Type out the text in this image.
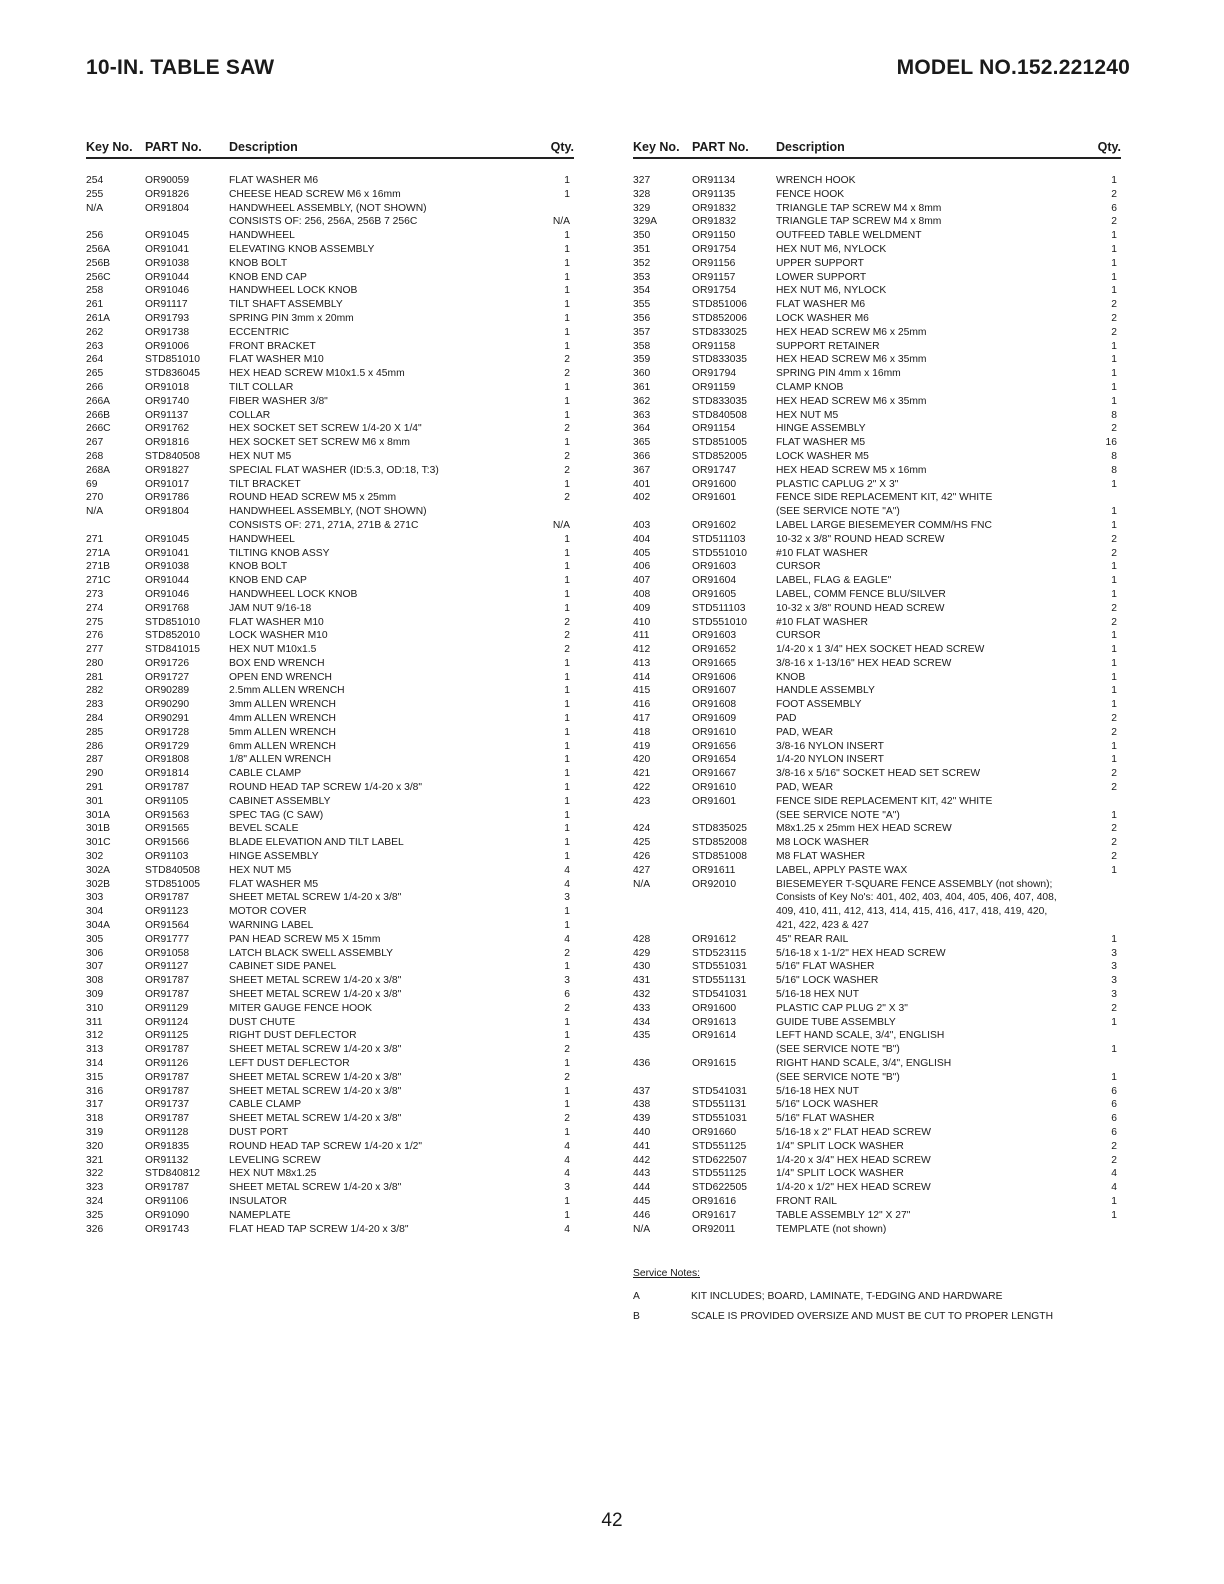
10-IN. TABLE SAW	MODEL NO.152.221240
Key No. PART No.	Description	Qty.
254	OR90059	FLAT WASHER M6	1
255	OR91826	CHEESE HEAD SCREW M6 x 16mm	1
N/A	OR91804	HANDWHEEL ASSEMBLY, (NOT SHOWN)
CONSISTS OF: 256, 256A, 256B 7 256C	N/A
256	OR91045	HANDWHEEL	1
256A	OR91041	ELEVATING KNOB ASSEMBLY	1
256B	OR91038	KNOB BOLT	1
256C	OR91044	KNOB END CAP	1
258	OR91046	HANDWHEEL LOCK KNOB	1
261	OR91117	TILT SHAFT ASSEMBLY	1
261A	OR91793	SPRING PIN 3mm x 20mm	1
262	OR91738	ECCENTRIC	1
263	OR91006	FRONT BRACKET	1
264	STD851010	FLAT WASHER M10	2
265	STD836045	HEX HEAD SCREW M10x1.5 x 45mm	2
266	OR91018	TILT COLLAR	1
266A	OR91740	FIBER WASHER 3/8"	1
266B	OR91137	COLLAR	1
266C	OR91762	HEX SOCKET SET SCREW 1/4-20 X 1/4"	2
267	OR91816	HEX SOCKET SET SCREW M6 x 8mm	1
268	STD840508	HEX NUT M5	2
268A	OR91827	SPECIAL FLAT WASHER (ID:5.3, OD:18, T:3)	2
69	OR91017	TILT BRACKET	1
270	OR91786	ROUND HEAD SCREW M5 x 25mm	2
N/A	OR91804	HANDWHEEL ASSEMBLY, (NOT SHOWN)
CONSISTS OF: 271, 271A, 271B & 271C	N/A
271	OR91045	HANDWHEEL	1
271A	OR91041	TILTING KNOB ASSY	1
271B	OR91038	KNOB BOLT	1
271C	OR91044	KNOB END CAP	1
273	OR91046	HANDWHEEL LOCK KNOB	1
274	OR91768	JAM NUT 9/16-18	1
275	STD851010	FLAT WASHER M10	2
276	STD852010	LOCK WASHER M10	2
277	STD841015	HEX NUT M10x1.5	2
280	OR91726	BOX END WRENCH	1
281	OR91727	OPEN END WRENCH	1
282	OR90289	2.5mm ALLEN WRENCH	1
283	OR90290	3mm ALLEN WRENCH	1
284	OR90291	4mm ALLEN WRENCH	1
285	OR91728	5mm ALLEN WRENCH	1
286	OR91729	6mm ALLEN WRENCH	1
287	OR91808	1/8" ALLEN WRENCH	1
290	OR91814	CABLE CLAMP	1
291	OR91787	ROUND HEAD TAP SCREW 1/4-20 x 3/8"	1
301	OR91105	CABINET ASSEMBLY	1
301A	OR91563	SPEC TAG (C SAW)	1
301B	OR91565	BEVEL SCALE	1
301C	OR91566	BLADE ELEVATION AND TILT LABEL	1
302	OR91103	HINGE ASSEMBLY	1
302A	STD840508	HEX NUT M5	4
302B	STD851005	FLAT WASHER M5	4
303	OR91787	SHEET METAL SCREW 1/4-20 x 3/8"	3
304	OR91123	MOTOR COVER	1
304A	OR91564	WARNING LABEL	1
305	OR91777	PAN HEAD SCREW M5 X 15mm	4
306	OR91058	LATCH BLACK SWELL ASSEMBLY	2
307	OR91127	CABINET SIDE PANEL	1
308	OR91787	SHEET METAL SCREW 1/4-20 x 3/8"	3
309	OR91787	SHEET METAL SCREW 1/4-20 x 3/8"	6
310	OR91129	MITER GAUGE FENCE HOOK	2
311	OR91124	DUST CHUTE	1
312	OR91125	RIGHT DUST DEFLECTOR	1
313	OR91787	SHEET METAL SCREW 1/4-20 x 3/8"	2
314	OR91126	LEFT DUST DEFLECTOR	1
315	OR91787	SHEET METAL SCREW 1/4-20 x 3/8"	2
316	OR91787	SHEET METAL SCREW 1/4-20 x 3/8"	1
317	OR91737	CABLE CLAMP	1
318	OR91787	SHEET METAL SCREW 1/4-20 x 3/8"	2
319	OR91128	DUST PORT	1
320	OR91835	ROUND HEAD TAP SCREW 1/4-20 x 1/2"	4
321	OR91132	LEVELING SCREW	4
322	STD840812	HEX NUT M8x1.25	4
323	OR91787	SHEET METAL SCREW 1/4-20 x 3/8"	3
324	OR91106	INSULATOR	1
325	OR91090	NAMEPLATE	1
326	OR91743	FLAT HEAD TAP SCREW 1/4-20 x 3/8"	4
Key No. PART No.	Description	Qty.
327	OR91134	WRENCH HOOK	1
328	OR91135	FENCE HOOK	2
329	OR91832	TRIANGLE TAP SCREW M4 x 8mm	6
329A	OR91832	TRIANGLE TAP SCREW M4 x 8mm	2
350	OR91150	OUTFEED TABLE WELDMENT	1
351	OR91754	HEX NUT M6, NYLOCK	1
352	OR91156	UPPER SUPPORT	1
353	OR91157	LOWER SUPPORT	1
354	OR91754	HEX NUT M6, NYLOCK	1
355	STD851006	FLAT WASHER M6	2
356	STD852006	LOCK WASHER M6	2
357	STD833025	HEX HEAD SCREW M6 x 25mm	2
358	OR91158	SUPPORT RETAINER	1
359	STD833035	HEX HEAD SCREW M6 x 35mm	1
360	OR91794	SPRING PIN 4mm x 16mm	1
361	OR91159	CLAMP KNOB	1
362	STD833035	HEX HEAD SCREW M6 x 35mm	1
363	STD840508	HEX NUT M5	8
364	OR91154	HINGE ASSEMBLY	2
365	STD851005	FLAT WASHER M5	16
366	STD852005	LOCK WASHER M5	8
367	OR91747	HEX HEAD SCREW M5 x 16mm	8
401	OR91600	PLASTIC CAPLUG 2" X 3"	1
402	OR91601	FENCE SIDE REPLACEMENT KIT, 42" WHITE
(SEE SERVICE NOTE "A")	1
403	OR91602	LABEL LARGE BIESEMEYER COMM/HS FNC	1
404	STD511103	10-32 x 3/8" ROUND HEAD SCREW	2
405	STD551010	#10 FLAT WASHER	2
406	OR91603	CURSOR	1
407	OR91604	LABEL, FLAG & EAGLE"	1
408	OR91605	LABEL, COMM FENCE BLU/SILVER	1
409	STD511103	10-32 x 3/8" ROUND HEAD SCREW	2
410	STD551010	#10 FLAT WASHER	2
411	OR91603	CURSOR	1
412	OR91652	1/4-20 x 1 3/4" HEX SOCKET HEAD SCREW	1
413	OR91665	3/8-16 x 1-13/16" HEX HEAD SCREW	1
414	OR91606	KNOB	1
415	OR91607	HANDLE ASSEMBLY	1
416	OR91608	FOOT ASSEMBLY	1
417	OR91609	PAD	2
418	OR91610	PAD, WEAR	2
419	OR91656	3/8-16 NYLON INSERT	1
420	OR91654	1/4-20 NYLON INSERT	1
421	OR91667	3/8-16 x 5/16" SOCKET HEAD SET SCREW	2
422	OR91610	PAD, WEAR	2
423	OR91601	FENCE SIDE REPLACEMENT KIT, 42" WHITE
(SEE SERVICE NOTE "A")	1
424	STD835025	M8x1.25 x 25mm HEX HEAD SCREW	2
425	STD852008	M8 LOCK WASHER	2
426	STD851008	M8 FLAT WASHER	2
427	OR91611	LABEL, APPLY PASTE WAX	1
N/A	OR92010	BIESEMEYER T-SQUARE FENCE ASSEMBLY (not shown);
Consists of Key No's: 401, 402, 403, 404, 405, 406, 407, 408,
409, 410, 411, 412, 413, 414, 415, 416, 417, 418, 419, 420,
421, 422, 423 & 427
428	OR91612	45" REAR RAIL	1
429	STD523115	5/16-18 x 1-1/2" HEX HEAD SCREW	3
430	STD551031	5/16" FLAT WASHER	3
431	STD551131	5/16" LOCK WASHER	3
432	STD541031	5/16-18 HEX NUT	3
433	OR91600	PLASTIC CAP PLUG 2" X 3"	2
434	OR91613	GUIDE TUBE ASSEMBLY	1
435	OR91614	LEFT HAND SCALE, 3/4", ENGLISH
(SEE SERVICE NOTE "B")	1
436	OR91615	RIGHT HAND SCALE, 3/4", ENGLISH
(SEE SERVICE NOTE "B")	1
437	STD541031	5/16-18 HEX NUT	6
438	STD551131	5/16" LOCK WASHER	6
439	STD551031	5/16" FLAT WASHER	6
440	OR91660	5/16-18 x 2" FLAT HEAD SCREW	6
441	STD551125	1/4" SPLIT LOCK WASHER	2
442	STD622507	1/4-20 x 3/4" HEX HEAD SCREW	2
443	STD551125	1/4" SPLIT LOCK WASHER	4
444	STD622505	1/4-20 x 1/2" HEX HEAD SCREW	4
445	OR91616	FRONT RAIL	1
446	OR91617	TABLE ASSEMBLY 12" X 27"	1
N/A	OR92011	TEMPLATE (not shown)
Service Notes:
A	KIT INCLUDES; BOARD, LAMINATE, T-EDGING AND HARDWARE
B	SCALE IS PROVIDED OVERSIZE AND MUST BE CUT TO PROPER LENGTH
42
